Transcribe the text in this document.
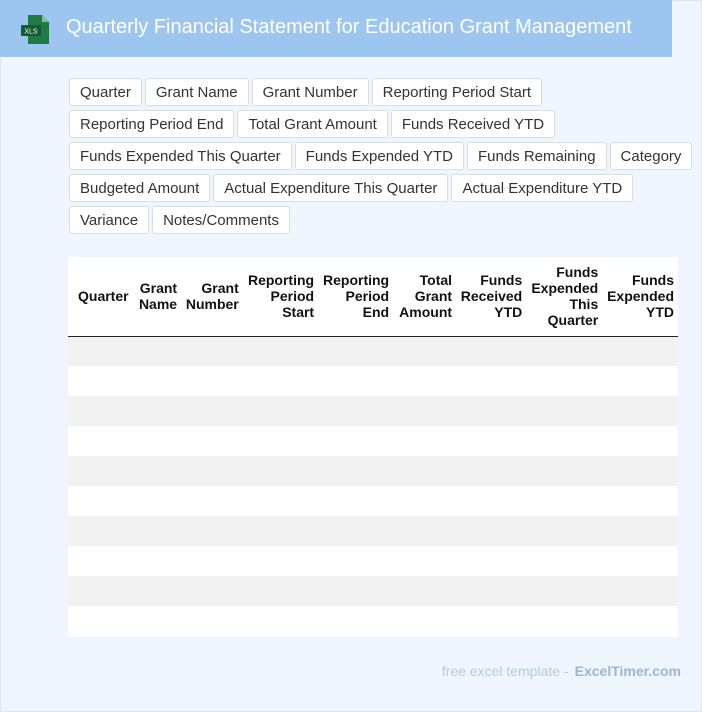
XLS Quarterly Financial Statement for Education Grant Management
Quarter	Grant Name	Grant Number	Reporting Period Start
Reporting Period End	Total Grant Amount	Funds Received YTD
Funds Expended This Quarter	Funds Expended YTD	Funds Remaining	Category
Budgeted Amount	Actual Expenditure This Quarter	Actual Expenditure YTD
Variance	Notes/Comments
Quarter	Grant Name	Grant Number	Reporting Period Start	Reporting Period End	Total Grant Amount	Funds Received YTD	Funds Expended This Quarter	Funds Expended YTD

free excel template - ExcelTimer.com
